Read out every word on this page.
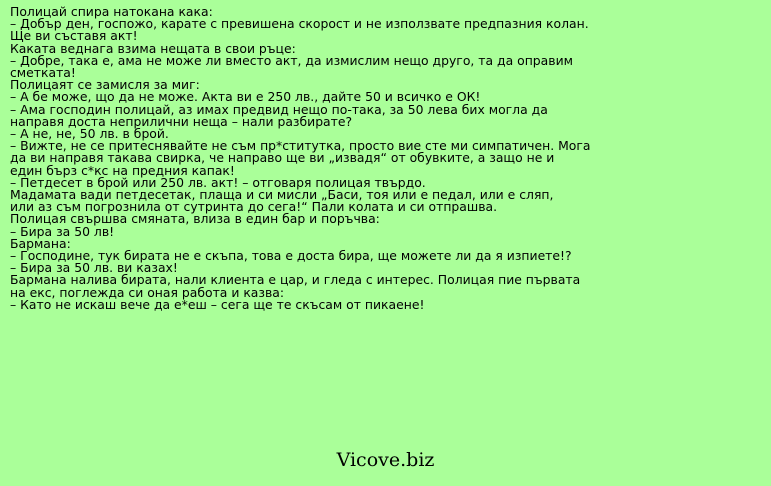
Полицай спира натокана кака:
– Добър ден, госпожо, карате с превишена скорост и не използвате предпазния колан.
Ще ви съставя акт!
Каката веднага взима нещата в свои ръце:
– Добре, така е, ама не може ли вместо акт, да измислим нещо друго, та да оправим
сметката!
Полицаят се замисля за миг:
– А бе може, що да не може. Акта ви е 250 лв., дайте 50 и всичко е ОК!
– Ама господин полицай, аз имах предвид нещо по-така, за 50 лева бих могла да
направя доста неприлични неща – нали разбирате?
– А не, не, 50 лв. в брой.
– Вижте, не се притеснявайте не съм пр*ститутка, просто вие сте ми симпатичен. Мога
да ви направя такава свирка, че направо ще ви „извадя“ от обувките, а защо не и
един бърз с*кс на предния капак!
– Петдесет в брой или 250 лв. акт! – отговаря полицая твърдо.
Мадамата вади петдесетак, плаща и си мисли „Баси, тоя или е педал, или е сляп,
или аз съм погрознила от сутринта до сега!“ Пали колата и си отпрашва.
Полицая свършва смяната, влиза в един бар и поръчва:
– Бира за 50 лв!
Бармана:
– Господине, тук бирата не е скъпа, това е доста бира, ще можете ли да я изпиете!?
– Бира за 50 лв. ви казах!
Бармана налива бирата, нали клиента е цар, и гледа с интерес. Полицая пие първата
на екс, поглежда си оная работа и казва:
– Като не искаш вече да е*еш – сега ще те скъсам от пикаене!
Vicove.biz
